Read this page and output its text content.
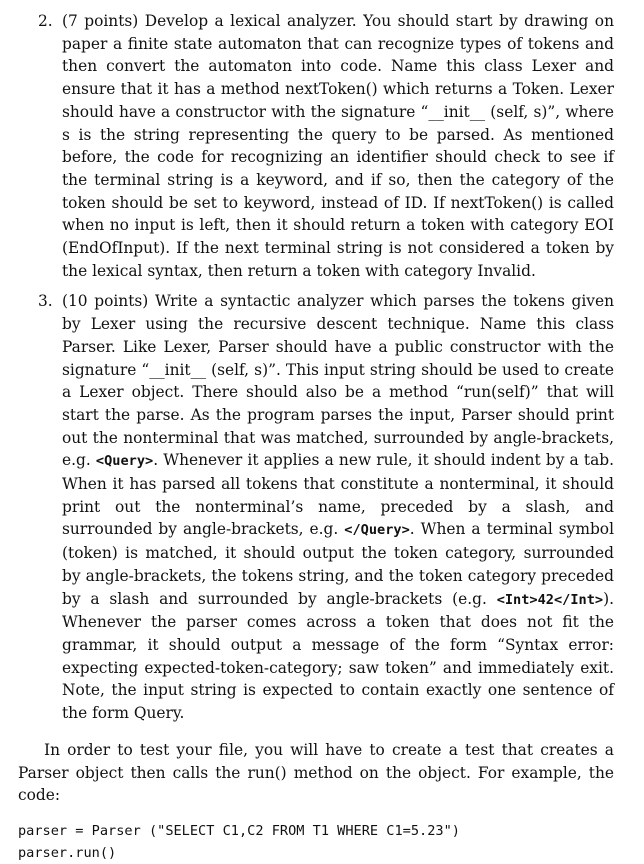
2. (7 points) Develop a lexical analyzer. You should start by drawing on paper a finite state automaton that can recognize types of tokens and then convert the automaton into code. Name this class Lexer and ensure that it has a method nextToken() which returns a Token. Lexer should have a constructor with the signature “__init__ (self, s)”, where s is the string representing the query to be parsed. As mentioned before, the code for recognizing an identifier should check to see if the terminal string is a keyword, and if so, then the category of the token should be set to keyword, instead of ID. If nextToken() is called when no input is left, then it should return a token with category EOI (EndOfInput). If the next terminal string is not considered a token by the lexical syntax, then return a token with category Invalid.
3. (10 points) Write a syntactic analyzer which parses the tokens given by Lexer using the recursive descent technique. Name this class Parser. Like Lexer, Parser should have a public constructor with the signature “__init__ (self, s)”. This input string should be used to create a Lexer object. There should also be a method “run(self)” that will start the parse. As the program parses the input, Parser should print out the nonterminal that was matched, surrounded by angle-brackets, e.g. <Query>. Whenever it applies a new rule, it should indent by a tab. When it has parsed all tokens that constitute a nonterminal, it should print out the nonterminal’s name, preceded by a slash, and surrounded by angle-brackets, e.g. </Query>. When a terminal symbol (token) is matched, it should output the token category, surrounded by angle-brackets, the tokens string, and the token category preceded by a slash and surrounded by angle-brackets (e.g. <Int>42</Int>). Whenever the parser comes across a token that does not fit the grammar, it should output a message of the form “Syntax error: expecting expected-token-category; saw token” and immediately exit. Note, the input string is expected to contain exactly one sentence of the form Query.
In order to test your file, you will have to create a test that creates a Parser object then calls the run() method on the object. For example, the code:
parser = Parser ("SELECT C1,C2 FROM T1 WHERE C1=5.23")
parser.run()
